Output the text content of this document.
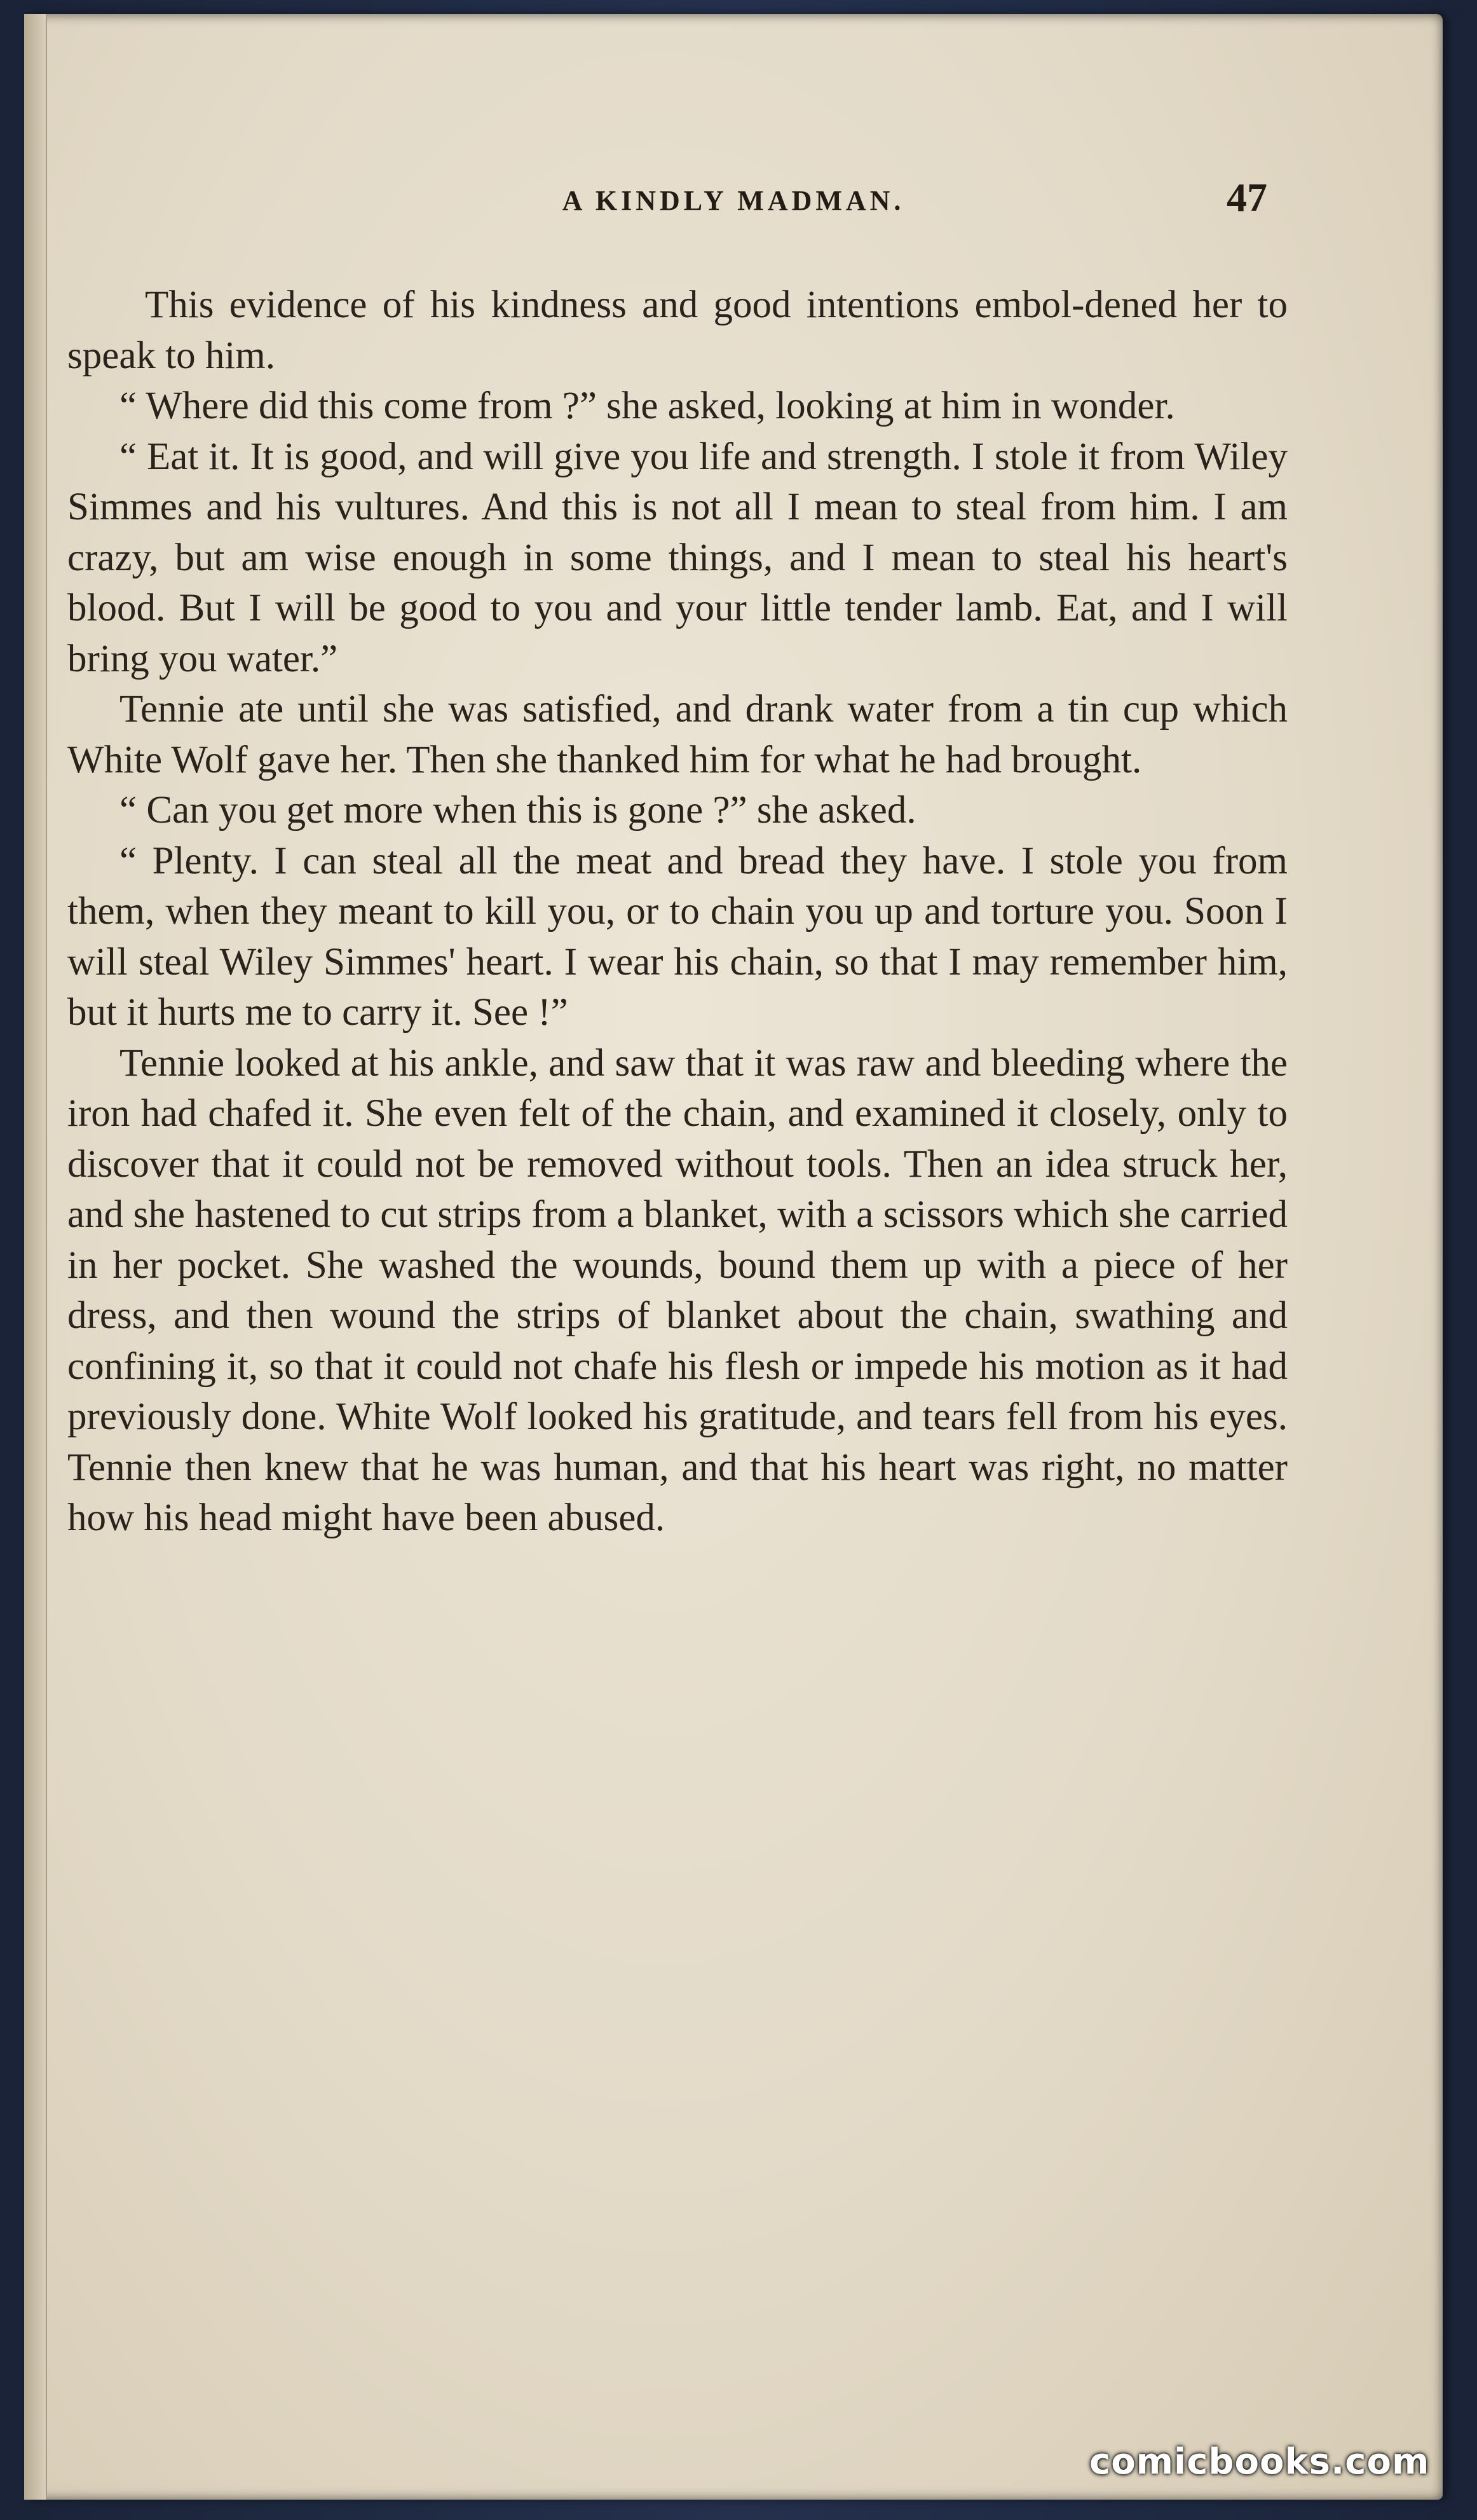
A KINDLY MADMAN.	47

This evidence of his kindness and good intentions embol-dened her to speak to him.

“ Where did this come from ?” she asked, looking at him in wonder.

“ Eat it. It is good, and will give you life and strength. I stole it from Wiley Simmes and his vultures. And this is not all I mean to steal from him. I am crazy, but am wise enough in some things, and I mean to steal his heart's blood. But I will be good to you and your little tender lamb. Eat, and I will bring you water.”

Tennie ate until she was satisfied, and drank water from a tin cup which White Wolf gave her. Then she thanked him for what he had brought.

“ Can you get more when this is gone ?” she asked.

“ Plenty. I can steal all the meat and bread they have. I stole you from them, when they meant to kill you, or to chain you up and torture you. Soon I will steal Wiley Simmes' heart. I wear his chain, so that I may remember him, but it hurts me to carry it. See !”

Tennie looked at his ankle, and saw that it was raw and bleeding where the iron had chafed it. She even felt of the chain, and examined it closely, only to discover that it could not be removed without tools. Then an idea struck her, and she hastened to cut strips from a blanket, with a scissors which she carried in her pocket. She washed the wounds, bound them up with a piece of her dress, and then wound the strips of blanket about the chain, swathing and confining it, so that it could not chafe his flesh or impede his motion as it had previously done. White Wolf looked his gratitude, and tears fell from his eyes. Tennie then knew that he was human, and that his heart was right, no matter how his head might have been abused.

comicbooks.com
